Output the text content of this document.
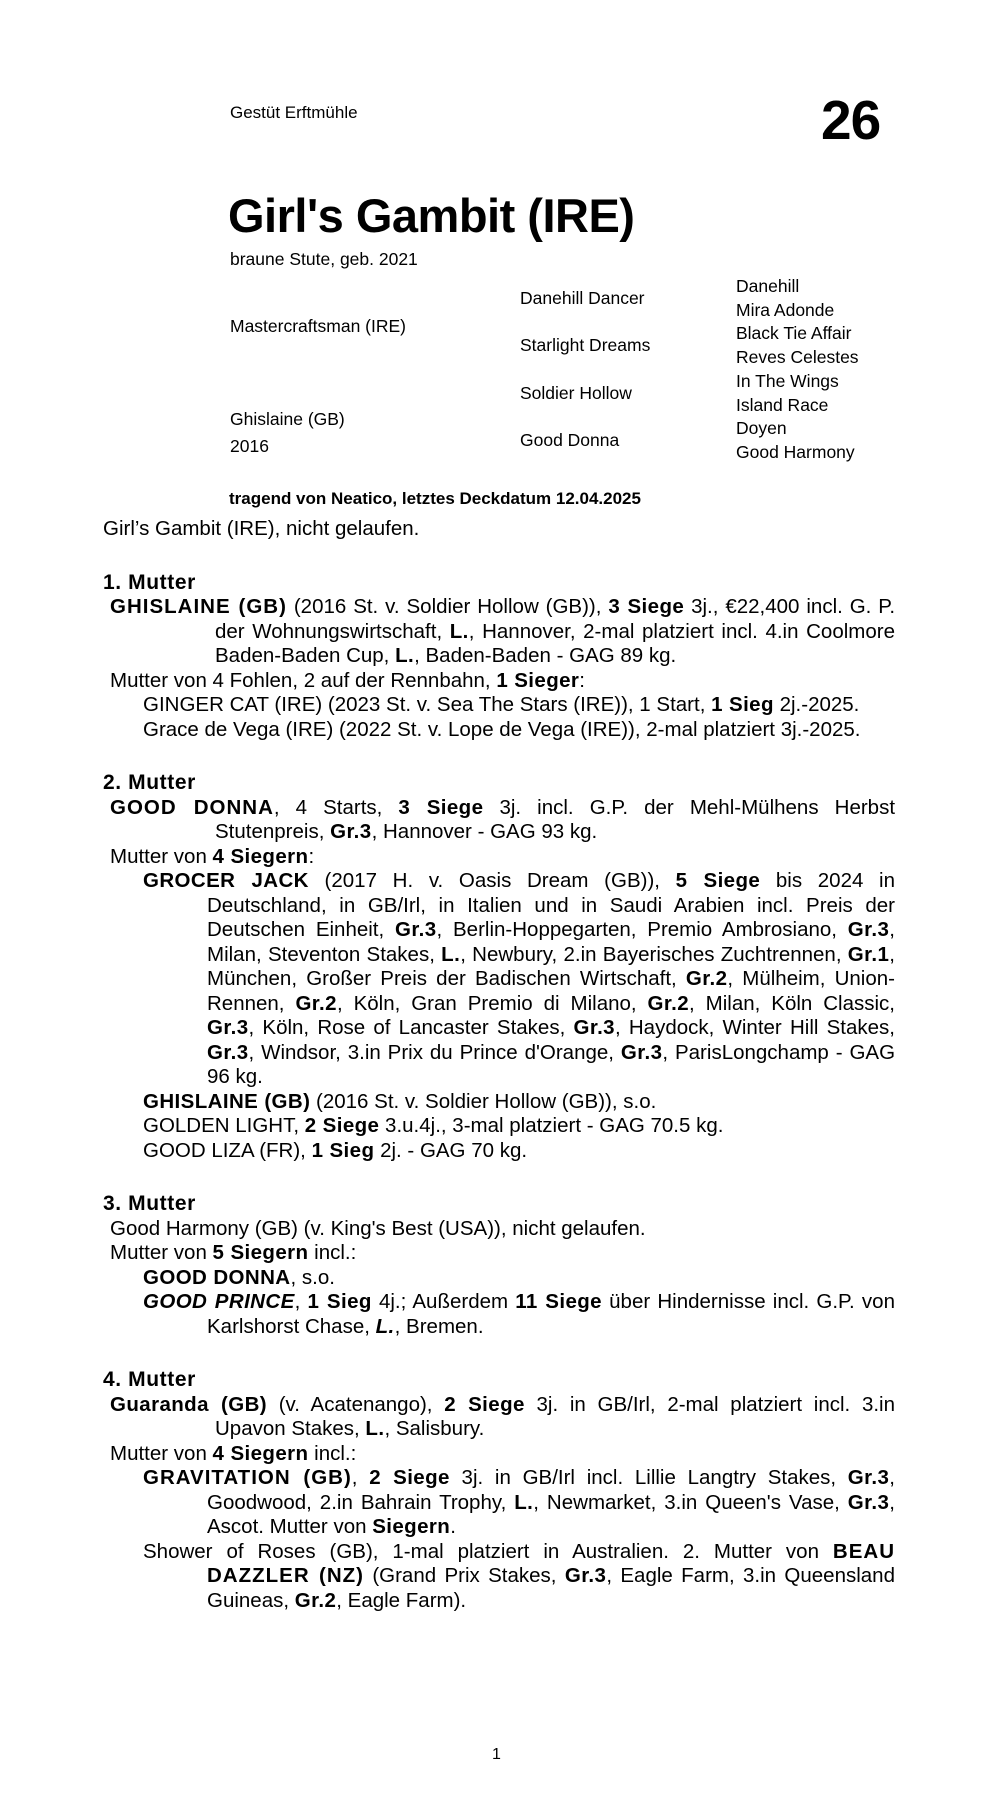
Gestüt Erftmühle	26
Girl's Gambit (IRE)
braune Stute, geb. 2021
Mastercraftsman (IRE)
Ghislaine (GB)
2016
Danehill Dancer
Starlight Dreams
Soldier Hollow
Good Donna
Danehill
Mira Adonde
Black Tie Affair
Reves Celestes
In The Wings
Island Race
Doyen
Good Harmony
tragend von Neatico, letztes Deckdatum 12.04.2025
Girl’s Gambit (IRE), nicht gelaufen.
1. Mutter
GHISLAINE (GB) (2016 St. v. Soldier Hollow (GB)), 3 Siege 3j., €22,400 incl. G. P. der Wohnungswirtschaft, L., Hannover, 2-mal platziert incl. 4.in Coolmore Baden-Baden Cup, L., Baden-Baden - GAG 89 kg.
Mutter von 4 Fohlen, 2 auf der Rennbahn, 1 Sieger:
GINGER CAT (IRE) (2023 St. v. Sea The Stars (IRE)), 1 Start, 1 Sieg 2j.-2025.
Grace de Vega (IRE) (2022 St. v. Lope de Vega (IRE)), 2-mal platziert 3j.-2025.
2. Mutter
GOOD DONNA, 4 Starts, 3 Siege 3j. incl. G.P. der Mehl-Mülhens Herbst Stutenpreis, Gr.3, Hannover - GAG 93 kg.
Mutter von 4 Siegern:
GROCER JACK (2017 H. v. Oasis Dream (GB)), 5 Siege bis 2024 in Deutschland, in GB/Irl, in Italien und in Saudi Arabien incl. Preis der Deutschen Einheit, Gr.3, Berlin-Hoppegarten, Premio Ambrosiano, Gr.3, Milan, Steventon Stakes, L., Newbury, 2.in Bayerisches Zuchtrennen, Gr.1, München, Großer Preis der Badischen Wirtschaft, Gr.2, Mülheim, Union-Rennen, Gr.2, Köln, Gran Premio di Milano, Gr.2, Milan, Köln Classic, Gr.3, Köln, Rose of Lancaster Stakes, Gr.3, Haydock, Winter Hill Stakes, Gr.3, Windsor, 3.in Prix du Prince d'Orange, Gr.3, ParisLongchamp - GAG 96 kg.
GHISLAINE (GB) (2016 St. v. Soldier Hollow (GB)), s.o.
GOLDEN LIGHT, 2 Siege 3.u.4j., 3-mal platziert - GAG 70.5 kg.
GOOD LIZA (FR), 1 Sieg 2j. - GAG 70 kg.
3. Mutter
Good Harmony (GB) (v. King's Best (USA)), nicht gelaufen.
Mutter von 5 Siegern incl.:
GOOD DONNA, s.o.
GOOD PRINCE, 1 Sieg 4j.; Außerdem 11 Siege über Hindernisse incl. G.P. von Karlshorst Chase, L., Bremen.
4. Mutter
Guaranda (GB) (v. Acatenango), 2 Siege 3j. in GB/Irl, 2-mal platziert incl. 3.in Upavon Stakes, L., Salisbury.
Mutter von 4 Siegern incl.:
GRAVITATION (GB), 2 Siege 3j. in GB/Irl incl. Lillie Langtry Stakes, Gr.3, Goodwood, 2.in Bahrain Trophy, L., Newmarket, 3.in Queen's Vase, Gr.3, Ascot. Mutter von Siegern.
Shower of Roses (GB), 1-mal platziert in Australien. 2. Mutter von BEAU DAZZLER (NZ) (Grand Prix Stakes, Gr.3, Eagle Farm, 3.in Queensland Guineas, Gr.2, Eagle Farm).
1
